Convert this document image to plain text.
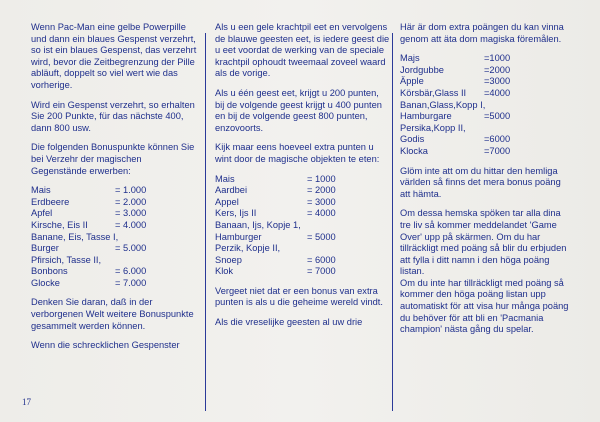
Wenn Pac-Man eine gelbe Powerpille und dann ein blaues Gespenst verzehrt, so ist ein blaues Gespenst, das verzehrt wird, bevor die Zeitbegrenzung der Pille abläuft, doppelt so viel wert wie das vorherige.

Wird ein Gespenst verzehrt, so erhalten Sie 200 Punkte, für das nächste 400, dann 800 usw.

Die folgenden Bonuspunkte können Sie bei Verzehr der magischen Gegenstände erwerben:

Mais	= 1.000
Erdbeere	= 2.000
Apfel	= 3.000
Kirsche, Eis II	= 4.000
Banane, Eis, Tasse I,	
Burger	= 5.000
Pfirsich, Tasse II,	
Bonbons	= 6.000
Glocke	= 7.000

Denken Sie daran, daß in der verborgenen Welt weitere Bonuspunkte gesammelt werden können.

Wenn die schrecklichen Gespenster

Als u een gele krachtpil eet en vervolgens de blauwe geesten eet, is iedere geest die u eet voordat de werking van de speciale krachtpil ophoudt tweemaal zoveel waard als de vorige.

Als u één geest eet, krijgt u 200 punten, bij de volgende geest krijgt u 400 punten en bij de volgende geest 800 punten, enzovoorts.

Kijk maar eens hoeveel extra punten u wint door de magische objekten te eten:

Mais	= 1000
Aardbei	= 2000
Appel	= 3000
Kers, Ijs II	= 4000
Banaan, Ijs, Kopje 1,	
Hamburger	= 5000
Perzik, Kopje II,	
Snoep	= 6000
Klok	= 7000

Vergeet niet dat er een bonus van extra punten is als u die geheime wereld vindt.

Als die vreselijke geesten al uw drie

Här är dom extra poängen du kan vinna genom att äta dom magiska föremålen.

Majs	=1000
Jordgubbe	=2000
Äpple	=3000
Körsbär,Glass II	=4000
Banan,Glass,Kopp I,	
Hamburgare	=5000
Persika,Kopp II,	
Godis	=6000
Klocka	=7000

Glöm inte att om du hittar den hemliga världen så finns det mera bonus poäng att hämta.

Om dessa hemska spöken tar alla dina tre liv så kommer meddelandet 'Game Over' upp på skärmen. Om du har tillräckligt med poäng så blir du erbjuden att fylla i ditt namn i den höga poäng listan.

Om du inte har tillräckligt med poäng så kommer den höga poäng listan upp automatiskt för att visa hur många poäng du behöver för att bli en 'Pacmania champion' nästa gång du spelar.

17
